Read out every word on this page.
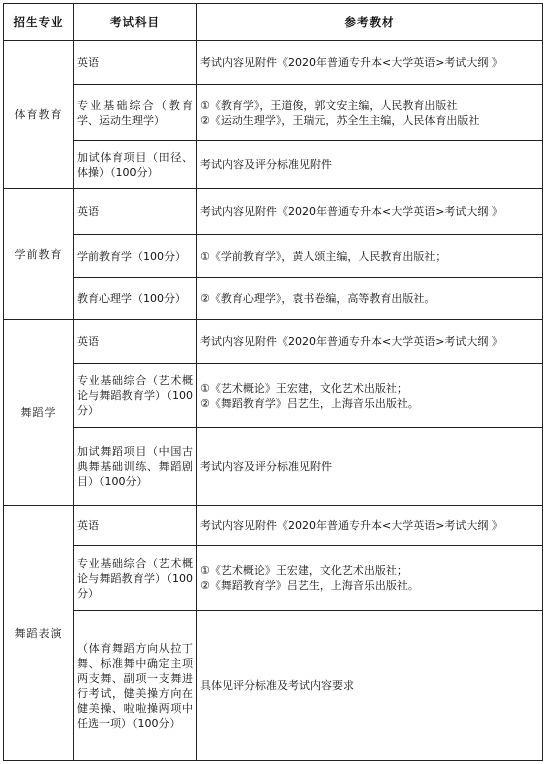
招生专业	考试科目	参考教材
体育教育	英语	考试内容见附件《2020年普通专升本<大学英语>考试大纲 》

	专业基础综合（教育学、运动生理学）	①《教育学》，王道俊，郭文安主编，人民教育出版社
②《运动生理学》，王瑞元，苏全生主编，人民体育出版社

	加试体育项目（田径、体操）（100分）	考试内容及评分标准见附件

学前教育	英语	考试内容见附件《2020年普通专升本<大学英语>考试大纲 》

	学前教育学（100分）	①《学前教育学》，黄人颂主编，人民教育出版社；

	教育心理学（100分）	②《教育心理学》，袁书卷编，高等教育出版社。

舞蹈学	英语	考试内容见附件《2020年普通专升本<大学英语>考试大纲 》

	专业基础综合（艺术概论与舞蹈教育学）（100分）	①《艺术概论》王宏建，文化艺术出版社；
②《舞蹈教育学》吕艺生，上海音乐出版社。

	加试舞蹈项目（中国古典舞基础训练、舞蹈剧目）（100分）	考试内容及评分标准见附件

舞蹈表演	英语	考试内容见附件《2020年普通专升本<大学英语>考试大纲 》

	专业基础综合（艺术概论与舞蹈教育学）（100分）	①《艺术概论》王宏建，文化艺术出版社；
②《舞蹈教育学》吕艺生，上海音乐出版社。

	（体育舞蹈方向从拉丁舞、标准舞中确定主项两支舞、副项一支舞进行考试，健美操方向在健美操、啦啦操两项中任选一项）（100分）	具体见评分标准及考试内容要求
